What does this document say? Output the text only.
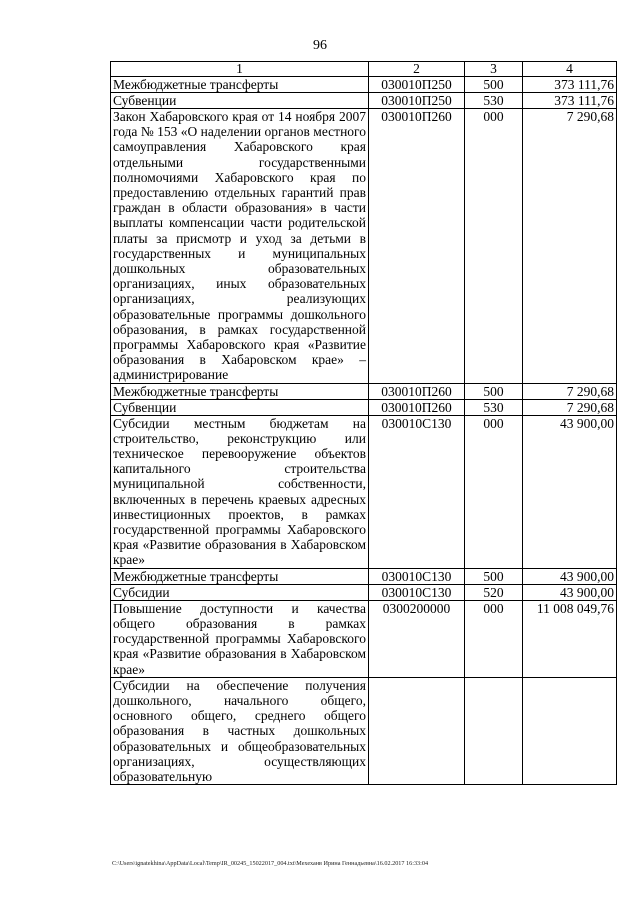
96
1	2	3	4
Межбюджетные трансферты	030010П250	500	373 111,76
Субвенции	030010П250	530	373 111,76
Закон Хабаровского края от 14 ноября 2007 года № 153 «О наделении органов местного самоуправления Хабаровского края отдельными государственными полномочиями Хабаровского края по предоставлению отдельных гарантий прав граждан в области образования» в части выплаты компенсации части родительской платы за присмотр и уход за детьми в государственных и муниципальных дошкольных образовательных организациях, иных образовательных организациях, реализующих образовательные программы дошкольного образования, в рамках государственной программы Хабаровского края «Развитие образования в Хабаровском крае» – администрирование	030010П260	000	7 290,68
Межбюджетные трансферты	030010П260	500	7 290,68
Субвенции	030010П260	530	7 290,68
Субсидии местным бюджетам на строительство, реконструкцию или техническое перевооружение объектов капитального строительства муниципальной собственности, включенных в перечень краевых адресных инвестиционных проектов, в рамках государственной программы Хабаровского края «Развитие образования в Хабаровском крае»	030010С130	000	43 900,00
Межбюджетные трансферты	030010С130	500	43 900,00
Субсидии	030010С130	520	43 900,00
Повышение доступности и качества общего образования в рамках государственной программы Хабаровского края «Развитие образования в Хабаровском крае»	0300200000	000	11 008 049,76
Субсидии на обеспечение получения дошкольного, начального общего, основного общего, среднего общего образования в частных дошкольных образовательных и общеобразовательных организациях, осуществляющих образовательную			
C:\Users\ignatekhina\AppData\Local\Temp\IR_00245_15022017_004.txt\Мехеханв Ирина Геннадьевна\16.02.2017 16:33:04
